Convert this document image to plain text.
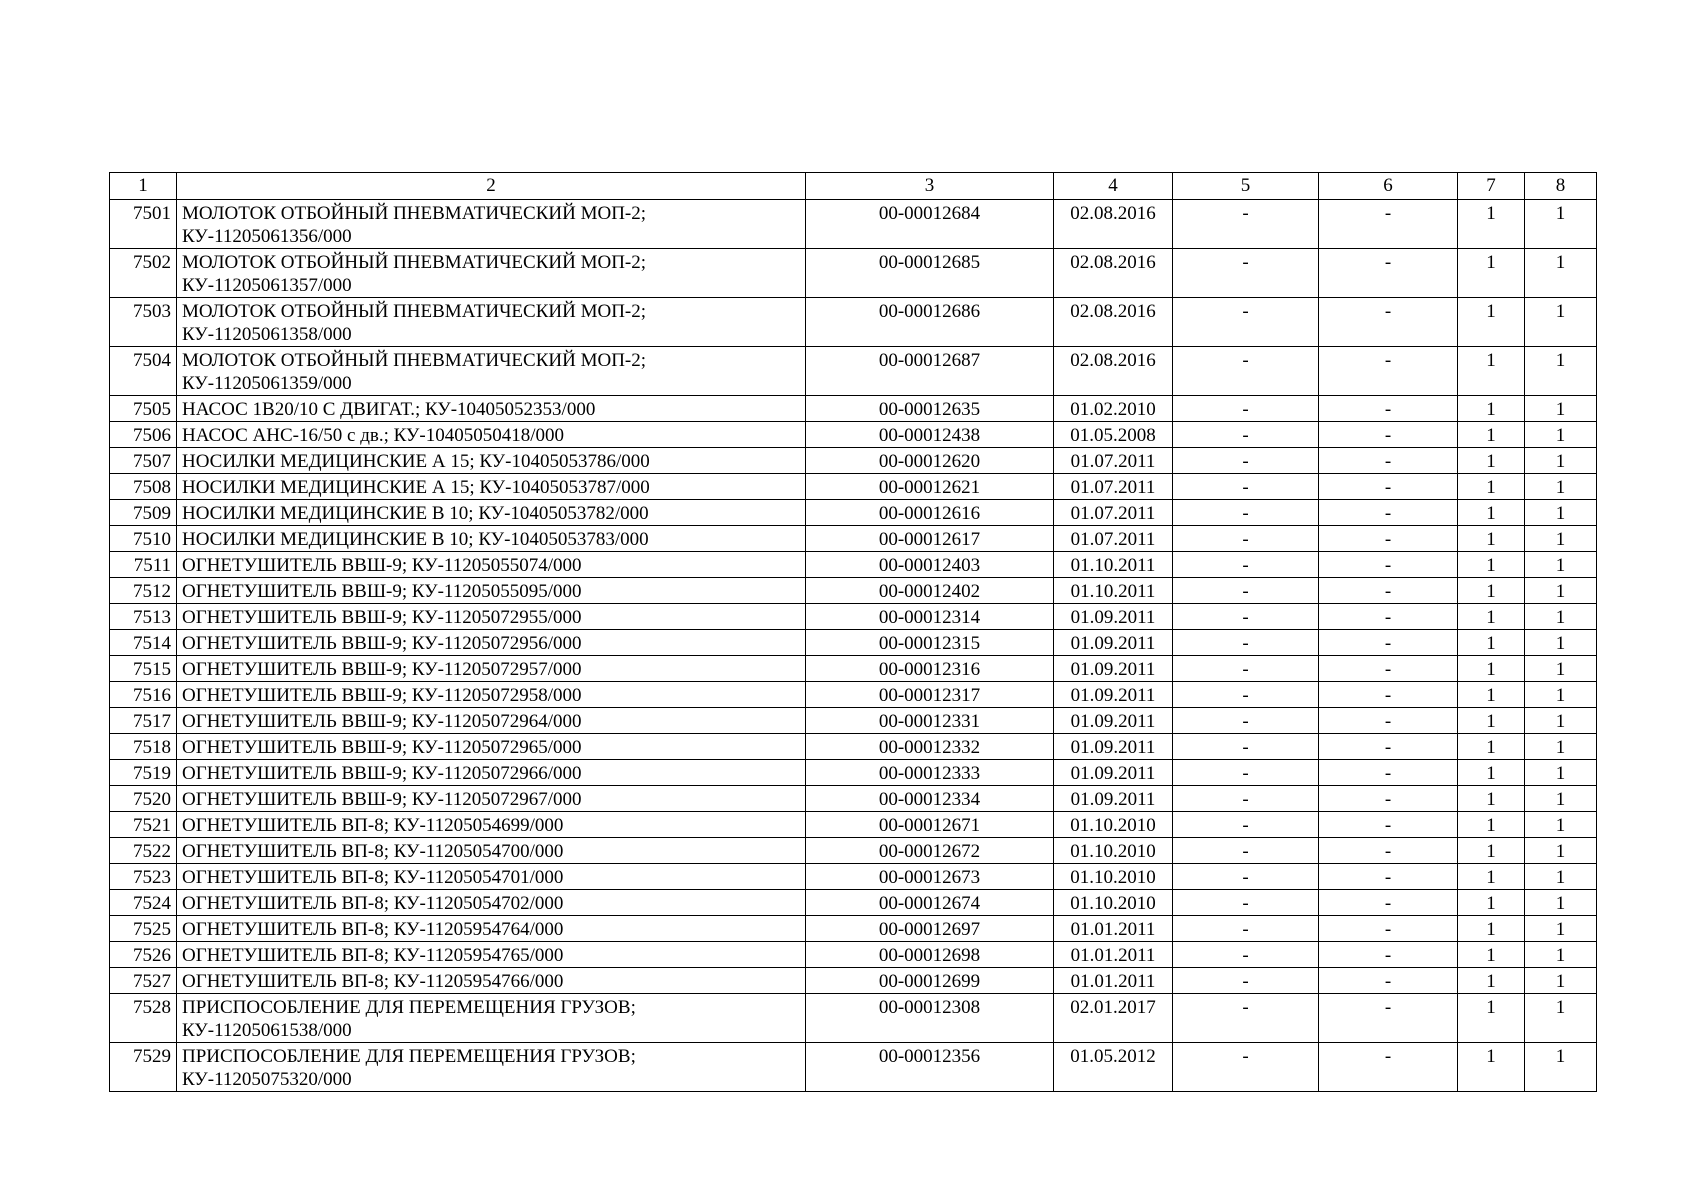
1	2	3	4	5	6	7	8
7501	МОЛОТОК ОТБОЙНЫЙ ПНЕВМАТИЧЕСКИЙ МОП-2; КУ-11205061356/000	00-00012684	02.08.2016	-	-	1	1
7502	МОЛОТОК ОТБОЙНЫЙ ПНЕВМАТИЧЕСКИЙ МОП-2; КУ-11205061357/000	00-00012685	02.08.2016	-	-	1	1
7503	МОЛОТОК ОТБОЙНЫЙ ПНЕВМАТИЧЕСКИЙ МОП-2; КУ-11205061358/000	00-00012686	02.08.2016	-	-	1	1
7504	МОЛОТОК ОТБОЙНЫЙ ПНЕВМАТИЧЕСКИЙ МОП-2; КУ-11205061359/000	00-00012687	02.08.2016	-	-	1	1
7505	НАСОС 1В20/10 С ДВИГАТ.; КУ-10405052353/000	00-00012635	01.02.2010	-	-	1	1
7506	НАСОС АНС-16/50 с дв.; КУ-10405050418/000	00-00012438	01.05.2008	-	-	1	1
7507	НОСИЛКИ МЕДИЦИНСКИЕ А 15; КУ-10405053786/000	00-00012620	01.07.2011	-	-	1	1
7508	НОСИЛКИ МЕДИЦИНСКИЕ А 15; КУ-10405053787/000	00-00012621	01.07.2011	-	-	1	1
7509	НОСИЛКИ МЕДИЦИНСКИЕ В 10; КУ-10405053782/000	00-00012616	01.07.2011	-	-	1	1
7510	НОСИЛКИ МЕДИЦИНСКИЕ В 10; КУ-10405053783/000	00-00012617	01.07.2011	-	-	1	1
7511	ОГНЕТУШИТЕЛЬ ВВШ-9; КУ-11205055074/000	00-00012403	01.10.2011	-	-	1	1
7512	ОГНЕТУШИТЕЛЬ ВВШ-9; КУ-11205055095/000	00-00012402	01.10.2011	-	-	1	1
7513	ОГНЕТУШИТЕЛЬ ВВШ-9; КУ-11205072955/000	00-00012314	01.09.2011	-	-	1	1
7514	ОГНЕТУШИТЕЛЬ ВВШ-9; КУ-11205072956/000	00-00012315	01.09.2011	-	-	1	1
7515	ОГНЕТУШИТЕЛЬ ВВШ-9; КУ-11205072957/000	00-00012316	01.09.2011	-	-	1	1
7516	ОГНЕТУШИТЕЛЬ ВВШ-9; КУ-11205072958/000	00-00012317	01.09.2011	-	-	1	1
7517	ОГНЕТУШИТЕЛЬ ВВШ-9; КУ-11205072964/000	00-00012331	01.09.2011	-	-	1	1
7518	ОГНЕТУШИТЕЛЬ ВВШ-9; КУ-11205072965/000	00-00012332	01.09.2011	-	-	1	1
7519	ОГНЕТУШИТЕЛЬ ВВШ-9; КУ-11205072966/000	00-00012333	01.09.2011	-	-	1	1
7520	ОГНЕТУШИТЕЛЬ ВВШ-9; КУ-11205072967/000	00-00012334	01.09.2011	-	-	1	1
7521	ОГНЕТУШИТЕЛЬ ВП-8; КУ-11205054699/000	00-00012671	01.10.2010	-	-	1	1
7522	ОГНЕТУШИТЕЛЬ ВП-8; КУ-11205054700/000	00-00012672	01.10.2010	-	-	1	1
7523	ОГНЕТУШИТЕЛЬ ВП-8; КУ-11205054701/000	00-00012673	01.10.2010	-	-	1	1
7524	ОГНЕТУШИТЕЛЬ ВП-8; КУ-11205054702/000	00-00012674	01.10.2010	-	-	1	1
7525	ОГНЕТУШИТЕЛЬ ВП-8; КУ-11205954764/000	00-00012697	01.01.2011	-	-	1	1
7526	ОГНЕТУШИТЕЛЬ ВП-8; КУ-11205954765/000	00-00012698	01.01.2011	-	-	1	1
7527	ОГНЕТУШИТЕЛЬ ВП-8; КУ-11205954766/000	00-00012699	01.01.2011	-	-	1	1
7528	ПРИСПОСОБЛЕНИЕ ДЛЯ ПЕРЕМЕЩЕНИЯ ГРУЗОВ; КУ-11205061538/000	00-00012308	02.01.2017	-	-	1	1
7529	ПРИСПОСОБЛЕНИЕ ДЛЯ ПЕРЕМЕЩЕНИЯ ГРУЗОВ; КУ-11205075320/000	00-00012356	01.05.2012	-	-	1	1
